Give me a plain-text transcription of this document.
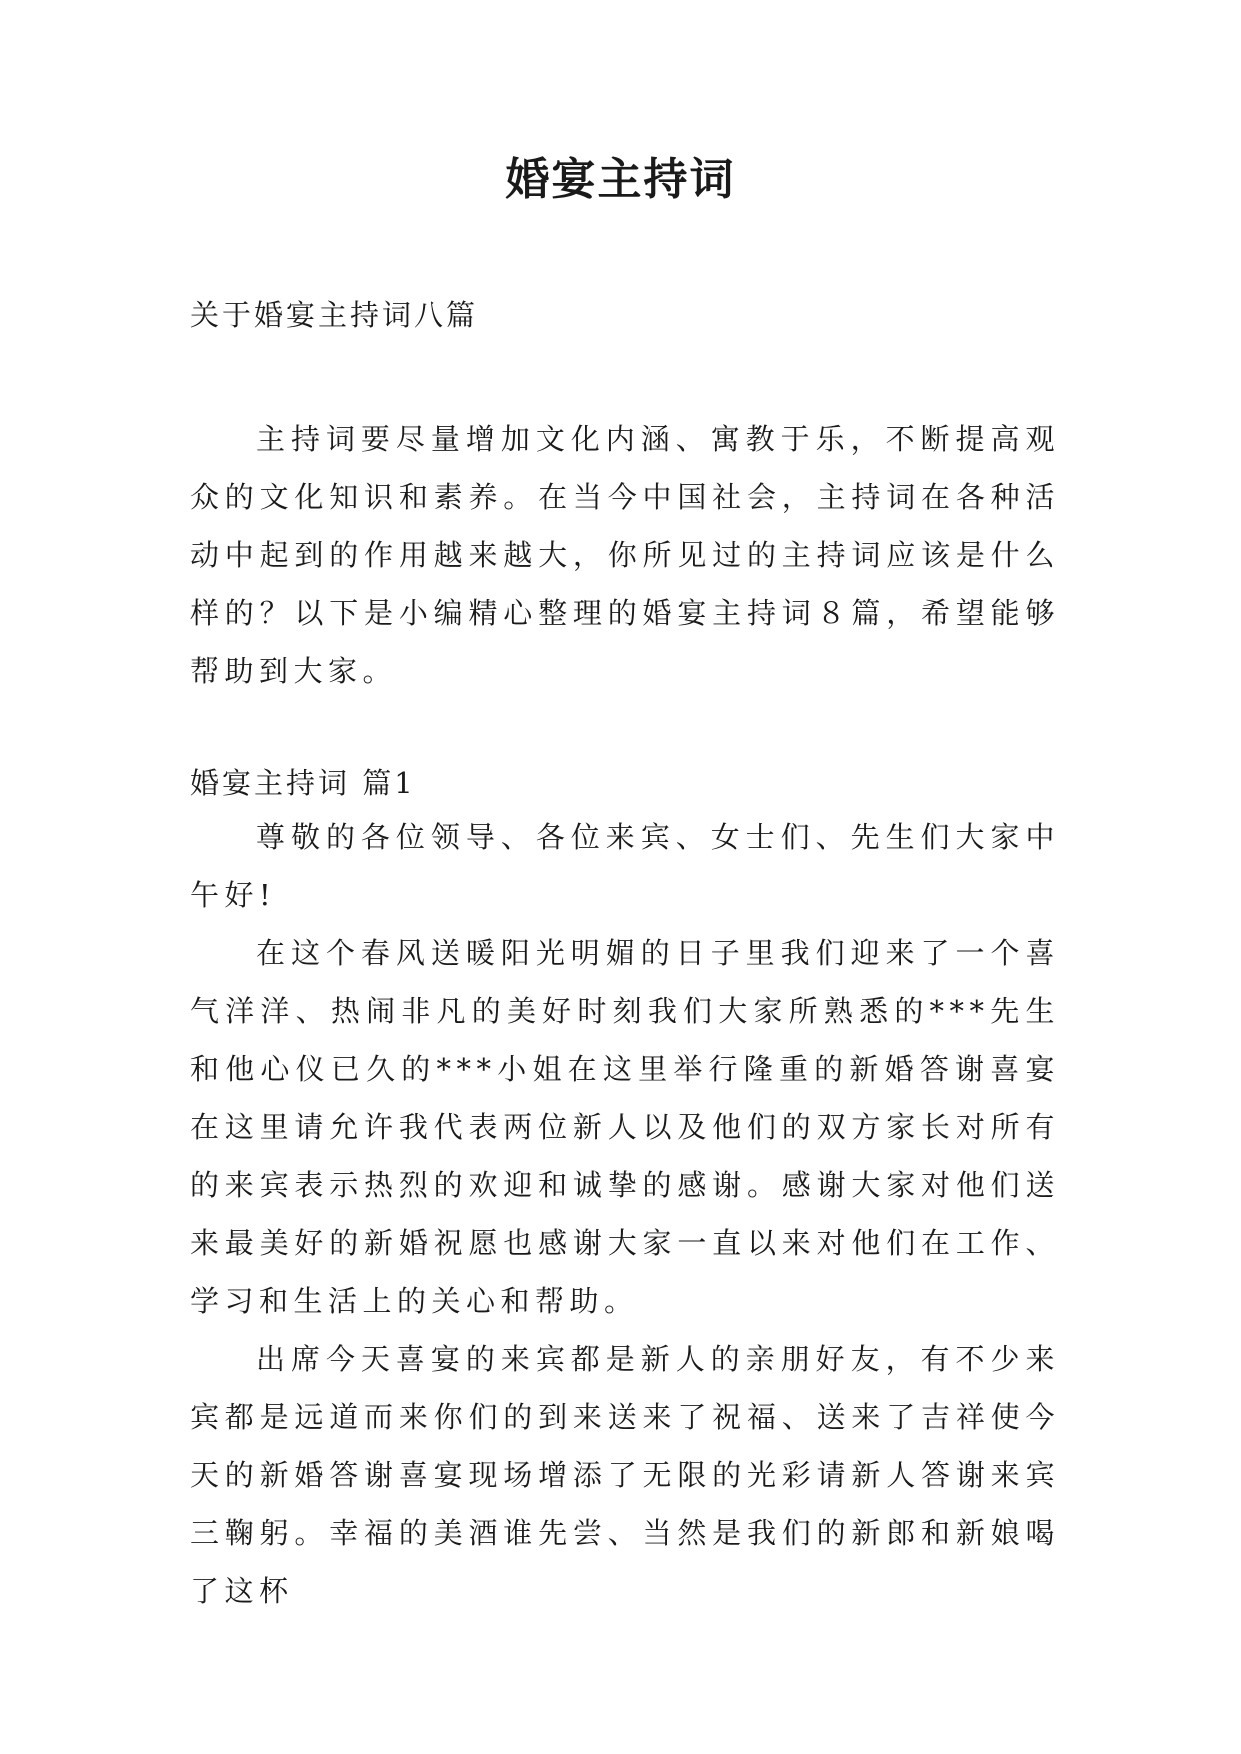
婚宴主持词
关于婚宴主持词八篇

主持词要尽量增加文化内涵、寓教于乐，不断提高观众的文化知识和素养。在当今中国社会，主持词在各种活动中起到的作用越来越大，你所见过的主持词应该是什么样的？以下是小编精心整理的婚宴主持词８篇，希望能够帮助到大家。

婚宴主持词 篇1

尊敬的各位领导、各位来宾、女士们、先生们大家中午好!

在这个春风送暖阳光明媚的日子里我们迎来了一个喜气洋洋、热闹非凡的美好时刻我们大家所熟悉的***先生和他心仪已久的***小姐在这里举行隆重的新婚答谢喜宴在这里请允许我代表两位新人以及他们的双方家长对所有的来宾表示热烈的欢迎和诚挚的感谢。感谢大家对他们送来最美好的新婚祝愿也感谢大家一直以来对他们在工作、学习和生活上的关心和帮助。

出席今天喜宴的来宾都是新人的亲朋好友，有不少来宾都是远道而来你们的到来送来了祝福、送来了吉祥使今天的新婚答谢喜宴现场增添了无限的光彩请新人答谢来宾三鞠躬。幸福的美酒谁先尝、当然是我们的新郎和新娘喝了这杯
